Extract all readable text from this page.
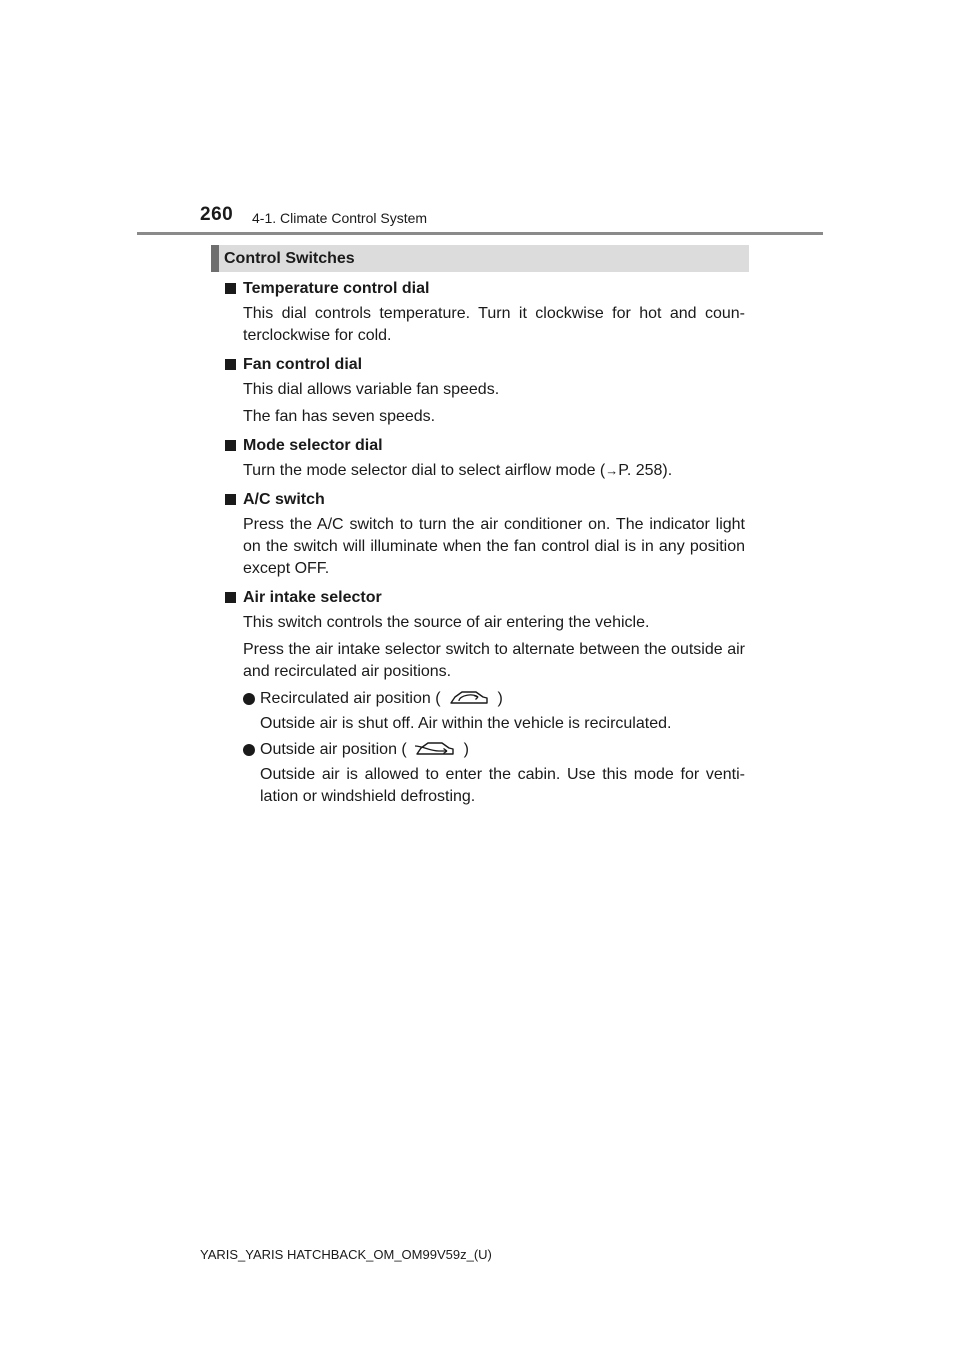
260 4-1. Climate Control System
Control Switches
Temperature control dial
This dial controls temperature. Turn it clockwise for hot and coun-terclockwise for cold.
Fan control dial
This dial allows variable fan speeds.
The fan has seven speeds.
Mode selector dial
Turn the mode selector dial to select airflow mode (→P. 258).
A/C switch
Press the A/C switch to turn the air conditioner on. The indicator light on the switch will illuminate when the fan control dial is in any position except OFF.
Air intake selector
This switch controls the source of air entering the vehicle.
Press the air intake selector switch to alternate between the outside air and recirculated air positions.
Recirculated air position (	)
Outside air is shut off. Air within the vehicle is recirculated.
Outside air position (	)
Outside air is allowed to enter the cabin. Use this mode for venti-lation or windshield defrosting.
YARIS_YARIS HATCHBACK_OM_OM99V59z_(U)
